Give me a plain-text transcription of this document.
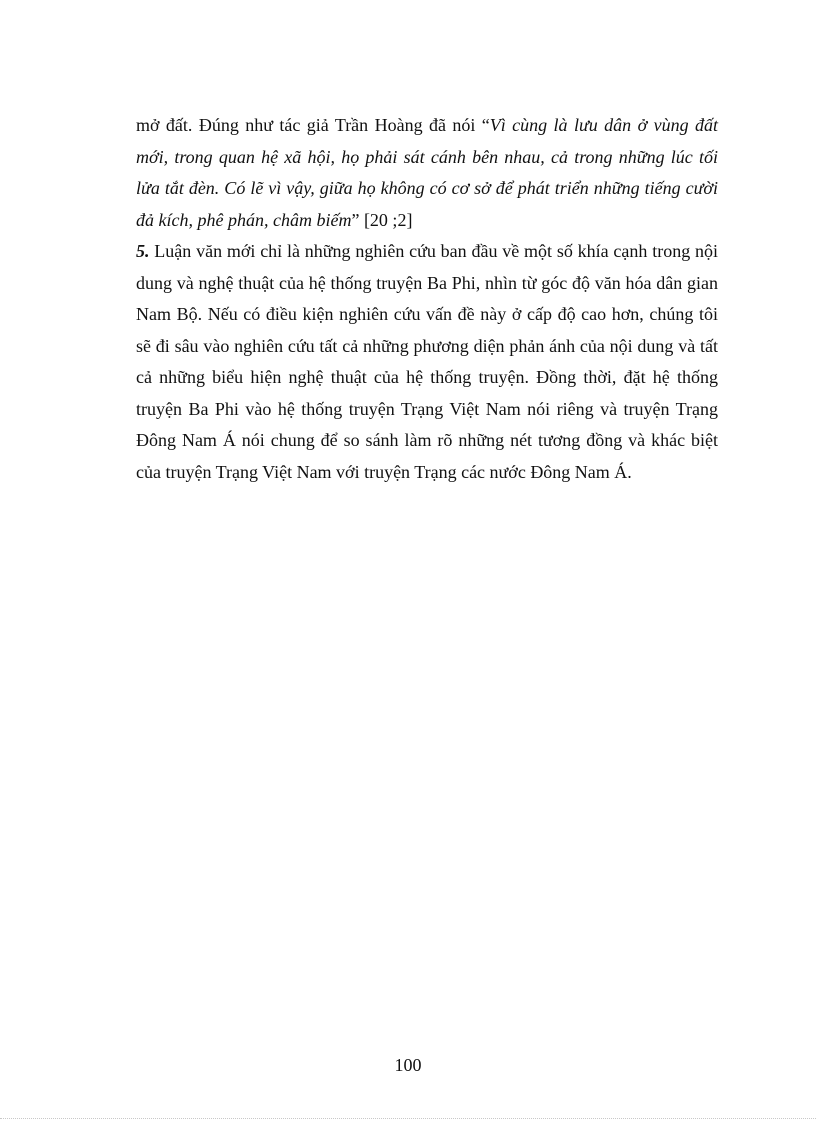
mở đất. Đúng như tác giả Trần Hoàng đã nói “Vì cùng là lưu dân ở vùng đất mới, trong quan hệ xã hội, họ phải sát cánh bên nhau, cả trong những lúc tối lửa tắt đèn. Có lẽ vì vậy, giữa họ không có cơ sở để phát triển những tiếng cười đả kích, phê phán, châm biếm” [20 ;2]

5. Luận văn mới chỉ là những nghiên cứu ban đầu về một số khía cạnh trong nội dung và nghệ thuật của hệ thống truyện Ba Phi, nhìn từ góc độ văn hóa dân gian Nam Bộ. Nếu có điều kiện nghiên cứu vấn đề này ở cấp độ cao hơn, chúng tôi sẽ đi sâu vào nghiên cứu tất cả những phương diện phản ánh của nội dung và tất cả những biểu hiện nghệ thuật của hệ thống truyện. Đồng thời, đặt hệ thống truyện Ba Phi vào hệ thống truyện Trạng Việt Nam nói riêng và truyện Trạng Đông Nam Á nói chung để so sánh làm rõ những nét tương đồng và khác biệt của truyện Trạng Việt Nam với truyện Trạng các nước Đông Nam Á.

100
